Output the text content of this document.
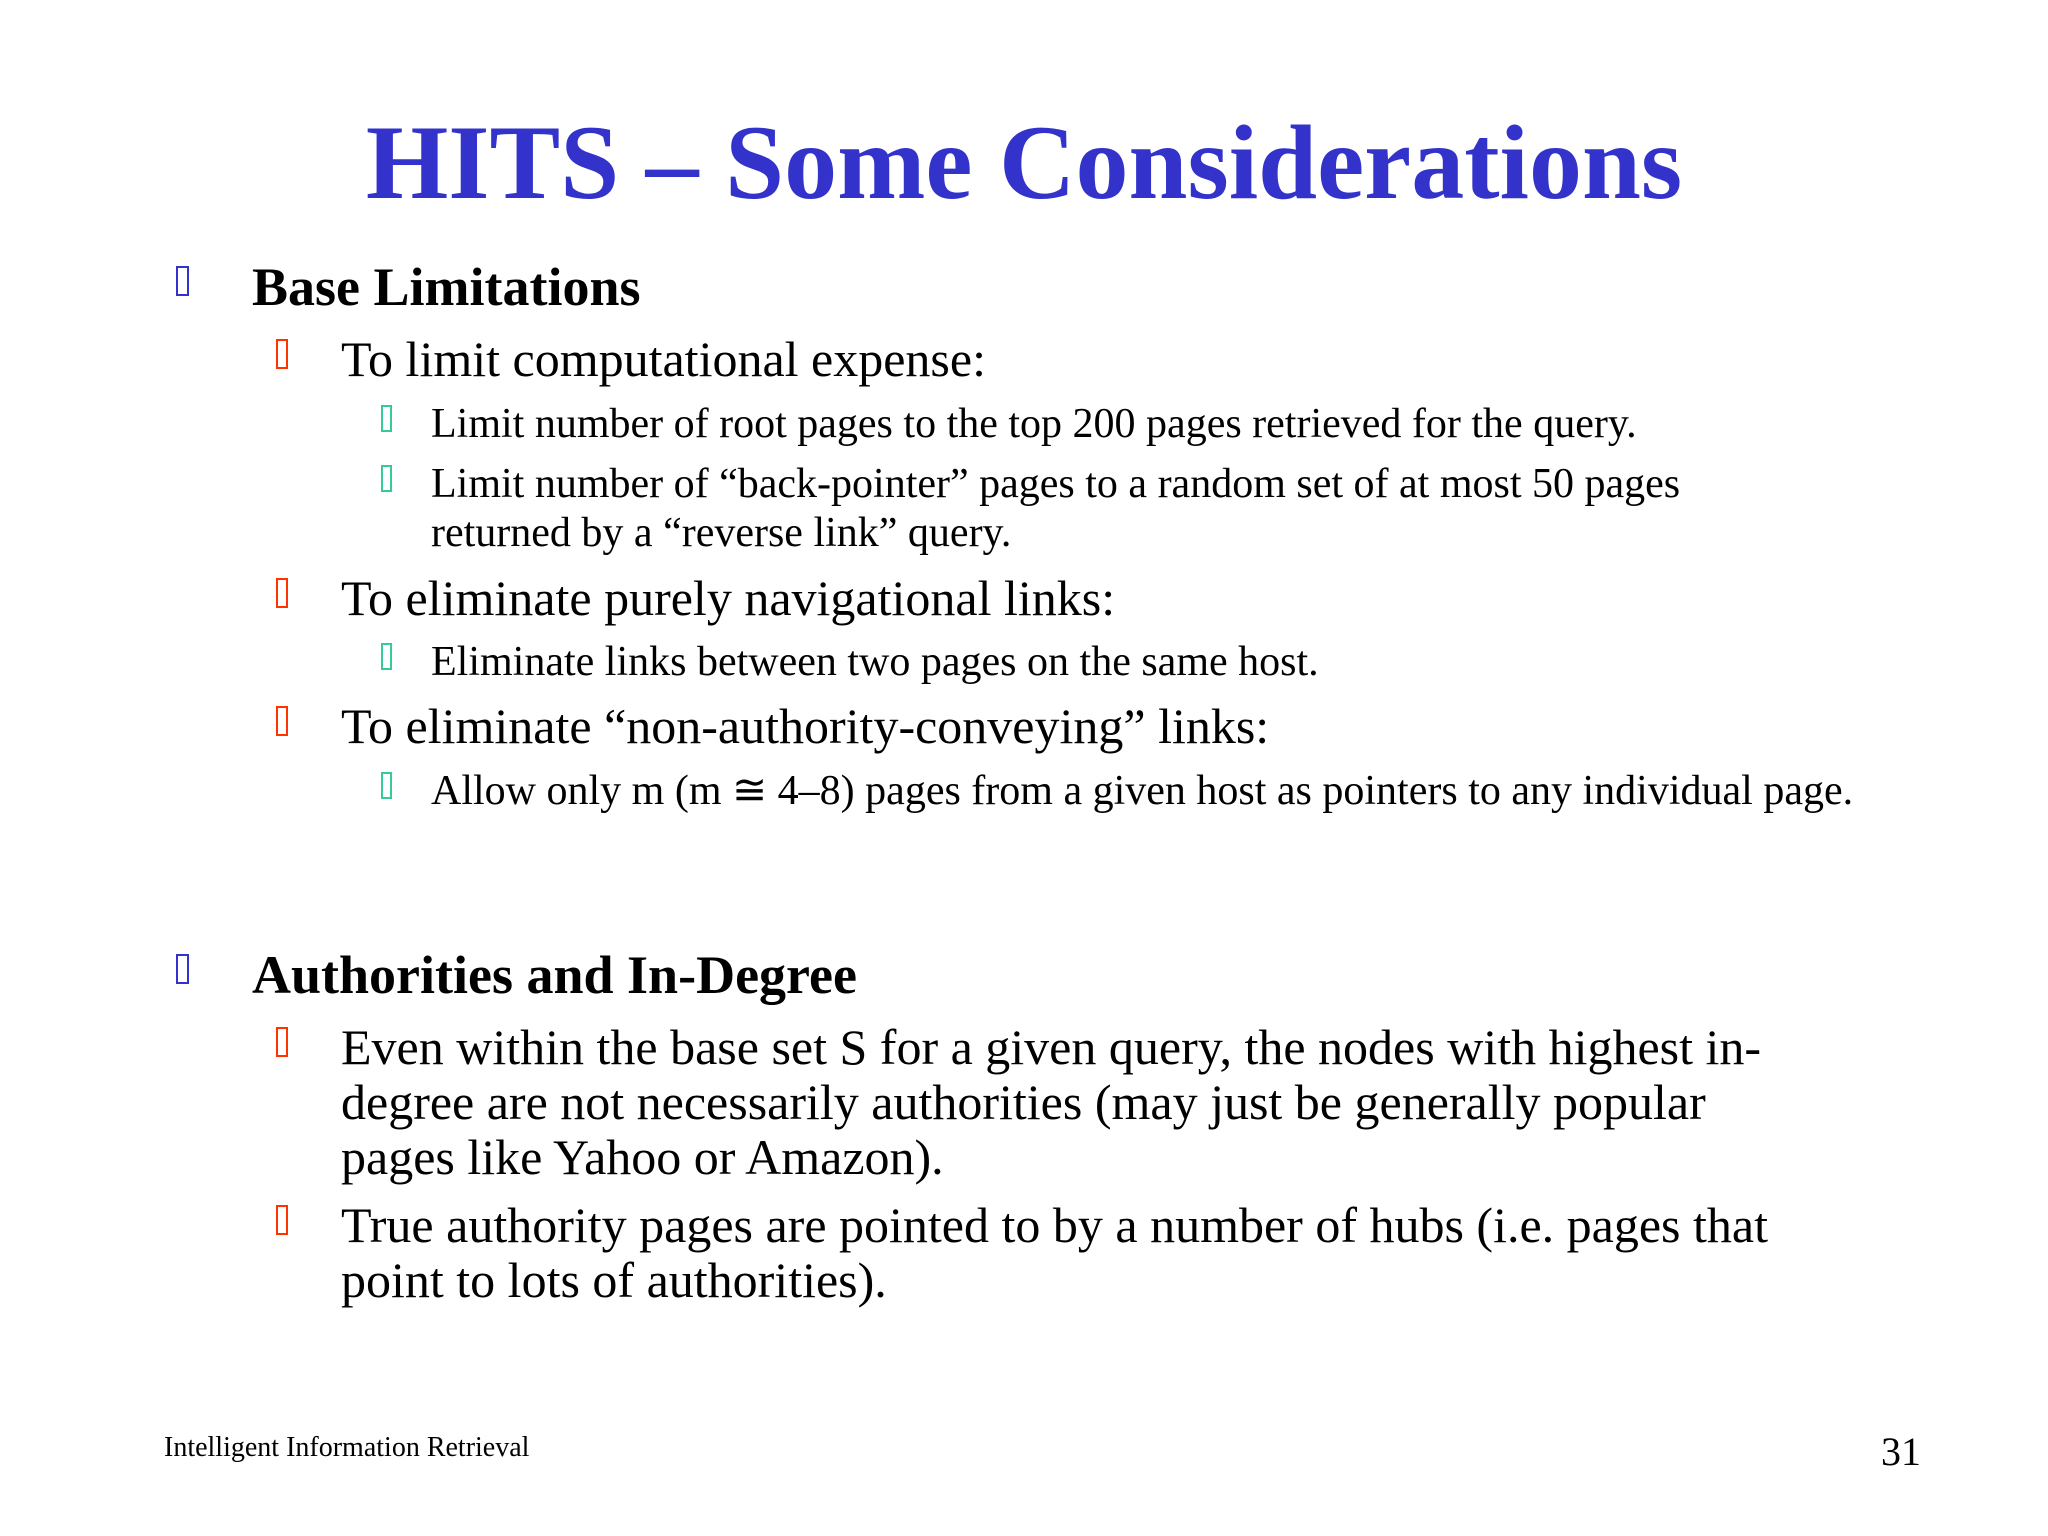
HITS – Some Considerations
Base Limitations
To limit computational expense:
Limit number of root pages to the top 200 pages retrieved for the query.
Limit number of “back-pointer” pages to a random set of at most 50 pages returned by a “reverse link” query.
To eliminate purely navigational links:
Eliminate links between two pages on the same host.
To eliminate “non-authority-conveying” links:
Allow only m (m ≅ 4–8) pages from a given host as pointers to any individual page.
Authorities and In-Degree
Even within the base set S for a given query, the nodes with highest in-degree are not necessarily authorities (may just be generally popular pages like Yahoo or Amazon).
True authority pages are pointed to by a number of hubs (i.e. pages that point to lots of authorities).
Intelligent Information Retrieval	31
